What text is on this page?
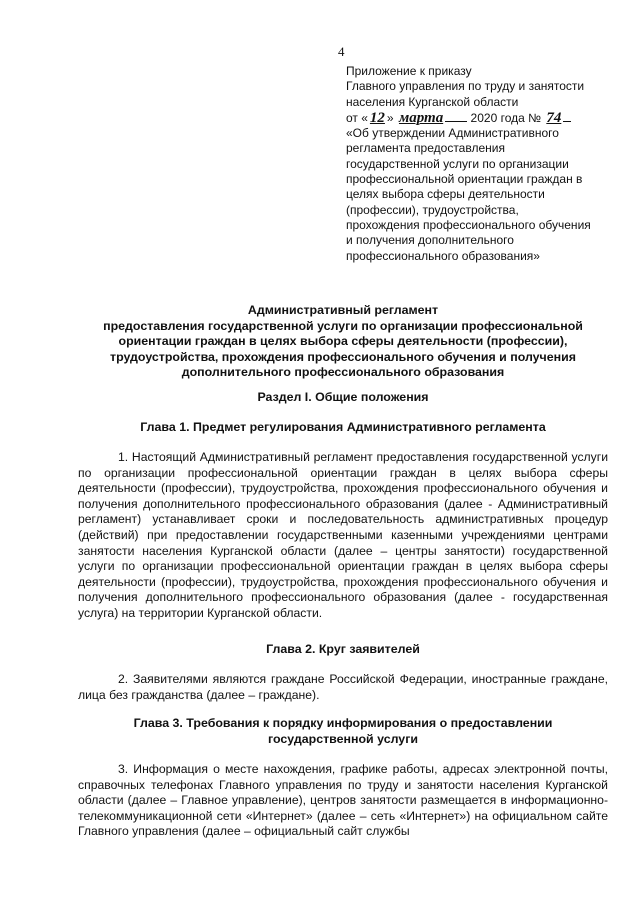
4
Приложение к приказу
Главного управления по труду и занятости
населения Курганской области
от « 12 » марта 2020 года № 74
«Об утверждении Административного
регламента предоставления
государственной услуги по организации
профессиональной ориентации граждан в
целях выбора сферы деятельности
(профессии), трудоустройства,
прохождения профессионального обучения
и получения дополнительного
профессионального образования»
Административный регламент
предоставления государственной услуги по организации профессиональной
ориентации граждан в целях выбора сферы деятельности (профессии),
трудоустройства, прохождения профессионального обучения и получения
дополнительного профессионального образования
Раздел I. Общие положения
Глава 1. Предмет регулирования Административного регламента
1. Настоящий Административный регламент предоставления государственной услуги по организации профессиональной ориентации граждан в целях выбора сферы деятельности (профессии), трудоустройства, прохождения профессионального обучения и получения дополнительного профессионального образования (далее - Административный регламент) устанавливает сроки и последовательность административных процедур (действий) при предоставлении государственными казенными учреждениями центрами занятости населения Курганской области (далее – центры занятости) государственной услуги по организации профессиональной ориентации граждан в целях выбора сферы деятельности (профессии), трудоустройства, прохождения профессионального обучения и получения дополнительного профессионального образования (далее - государственная услуга) на территории Курганской области.
Глава 2. Круг заявителей
2. Заявителями являются граждане Российской Федерации, иностранные граждане, лица без гражданства (далее – граждане).
Глава 3. Требования к порядку информирования о предоставлении
государственной услуги
3. Информация о месте нахождения, графике работы, адресах электронной почты, справочных телефонах Главного управления по труду и занятости населения Курганской области (далее – Главное управление), центров занятости размещается в информационно-телекоммуникационной сети «Интернет» (далее – сеть «Интернет») на официальном сайте Главного управления (далее – официальный сайт службы
